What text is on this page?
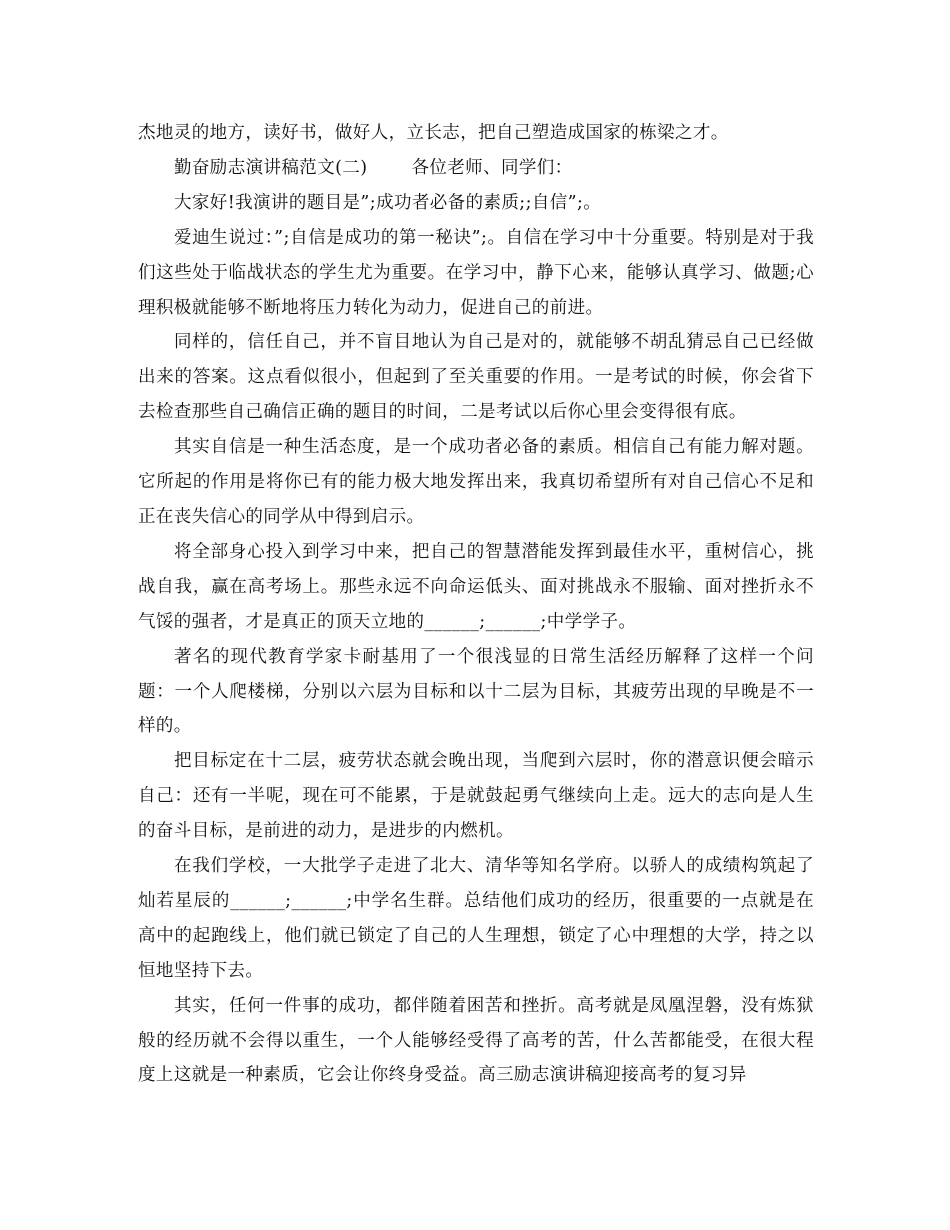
杰地灵的地方，读好书，做好人，立长志，把自己塑造成国家的栋梁之才。

勤奋励志演讲稿范文(二)	各位老师、同学们：

大家好!我演讲的题目是”;成功者必备的素质;;自信”;。

爱迪生说过：”;自信是成功的第一秘诀”;。自信在学习中十分重要。特别是对于我们这些处于临战状态的学生尤为重要。在学习中，静下心来，能够认真学习、做题;心理积极就能够不断地将压力转化为动力，促进自己的前进。

同样的，信任自己，并不盲目地认为自己是对的，就能够不胡乱猜忌自己已经做出来的答案。这点看似很小，但起到了至关重要的作用。一是考试的时候，你会省下去检查那些自己确信正确的题目的时间，二是考试以后你心里会变得很有底。

其实自信是一种生活态度，是一个成功者必备的素质。相信自己有能力解对题。它所起的作用是将你已有的能力极大地发挥出来，我真切希望所有对自己信心不足和正在丧失信心的同学从中得到启示。

将全部身心投入到学习中来，把自己的智慧潜能发挥到最佳水平，重树信心，挑战自我，赢在高考场上。那些永远不向命运低头、面对挑战永不服输、面对挫折永不气馁的强者，才是真正的顶天立地的______;______;中学学子。

著名的现代教育学家卡耐基用了一个很浅显的日常生活经历解释了这样一个问题：一个人爬楼梯，分别以六层为目标和以十二层为目标，其疲劳出现的早晚是不一样的。

把目标定在十二层，疲劳状态就会晚出现，当爬到六层时，你的潜意识便会暗示自己：还有一半呢，现在可不能累，于是就鼓起勇气继续向上走。远大的志向是人生的奋斗目标，是前进的动力，是进步的内燃机。

在我们学校，一大批学子走进了北大、清华等知名学府。以骄人的成绩构筑起了灿若星辰的______;______;中学名生群。总结他们成功的经历，很重要的一点就是在高中的起跑线上，他们就已锁定了自己的人生理想，锁定了心中理想的大学，持之以恒地坚持下去。

其实，任何一件事的成功，都伴随着困苦和挫折。高考就是凤凰涅磐，没有炼狱般的经历就不会得以重生，一个人能够经受得了高考的苦，什么苦都能受，在很大程度上这就是一种素质，它会让你终身受益。高三励志演讲稿迎接高考的复习异
